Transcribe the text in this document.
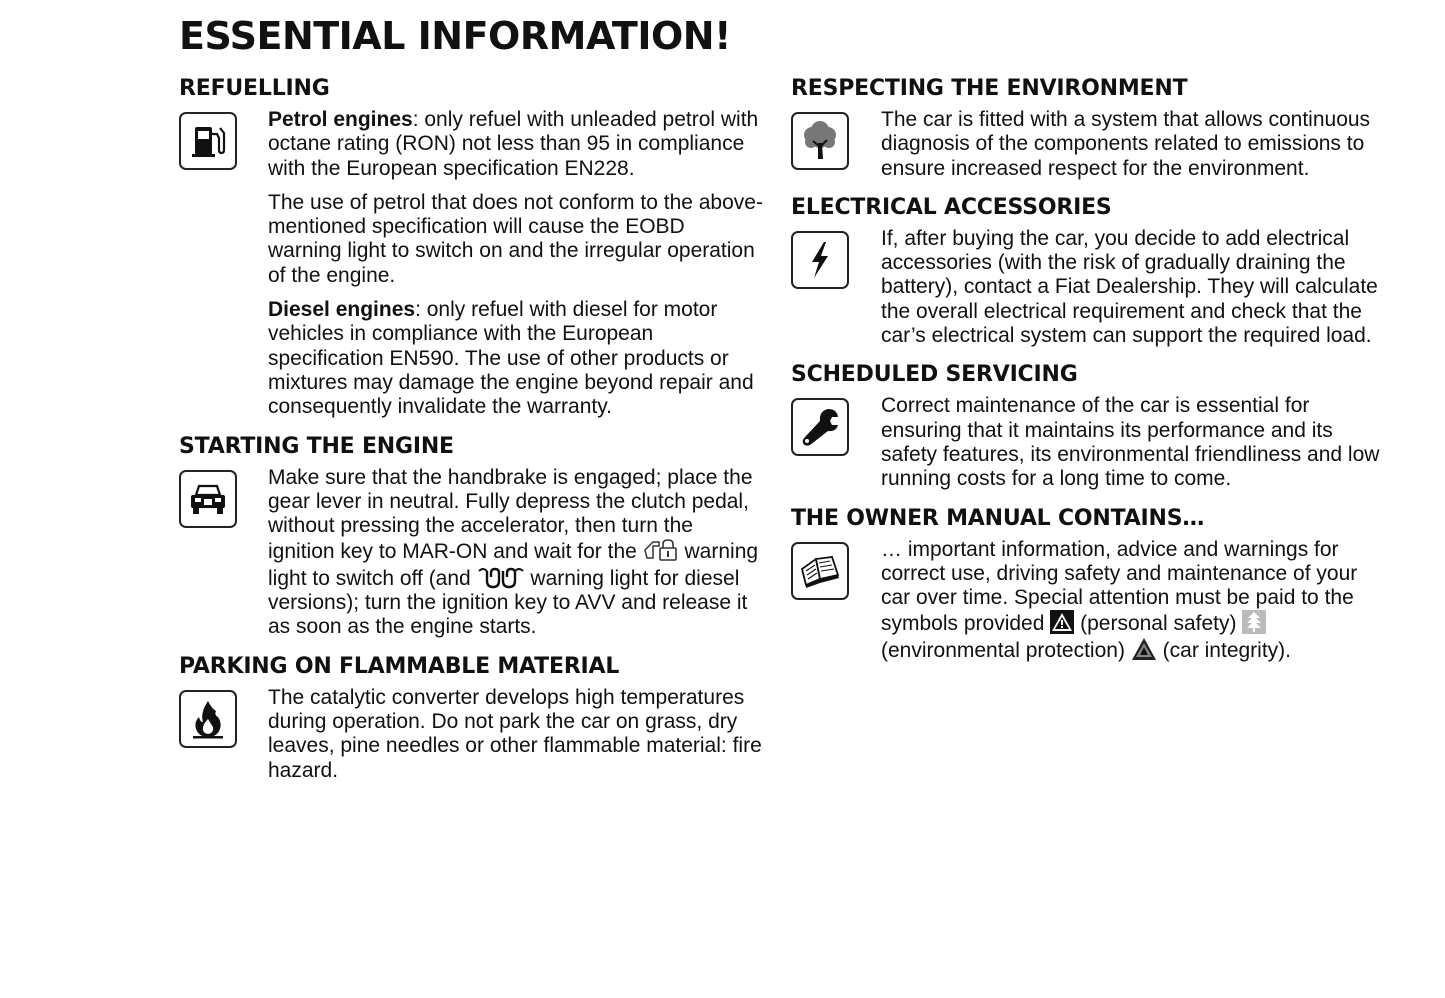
ESSENTIAL INFORMATION!
REFUELLING

Petrol engines: only refuel with unleaded petrol with octane rating (RON) not less than 95 in compliance with the European specification EN228.

The use of petrol that does not conform to the above-mentioned specification will cause the EOBD warning light to switch on and the irregular operation of the engine.

Diesel engines: only refuel with diesel for motor vehicles in compliance with the European specification EN590. The use of other products or mixtures may damage the engine beyond repair and consequently invalidate the warranty.

STARTING THE ENGINE

Make sure that the handbrake is engaged; place the gear lever in neutral. Fully depress the clutch pedal, without pressing the accelerator, then turn the ignition key to MAR-ON and wait for the warning light to switch off (and	warning light for diesel versions); turn the ignition key to AVV and release it as soon as the engine starts.

PARKING ON FLAMMABLE MATERIAL

The catalytic converter develops high temperatures during operation. Do not park the car on grass, dry leaves, pine needles or other flammable material: fire hazard.

RESPECTING THE ENVIRONMENT

The car is fitted with a system that allows continuous diagnosis of the components related to emissions to ensure increased respect for the environment.

ELECTRICAL ACCESSORIES

If, after buying the car, you decide to add electrical accessories (with the risk of gradually draining the battery), contact a Fiat Dealership. They will calculate the overall electrical requirement and check that the car’s electrical system can support the required load.

SCHEDULED SERVICING

Correct maintenance of the car is essential for ensuring that it maintains its performance and its safety features, its environmental friendliness and low running costs for a long time to come.

THE OWNER MANUAL CONTAINS…

… important information, advice and warnings for correct use, driving safety and maintenance of your car over time. Special attention must be paid to the symbols provided (personal safety)  (environmental protection) (car integrity).
